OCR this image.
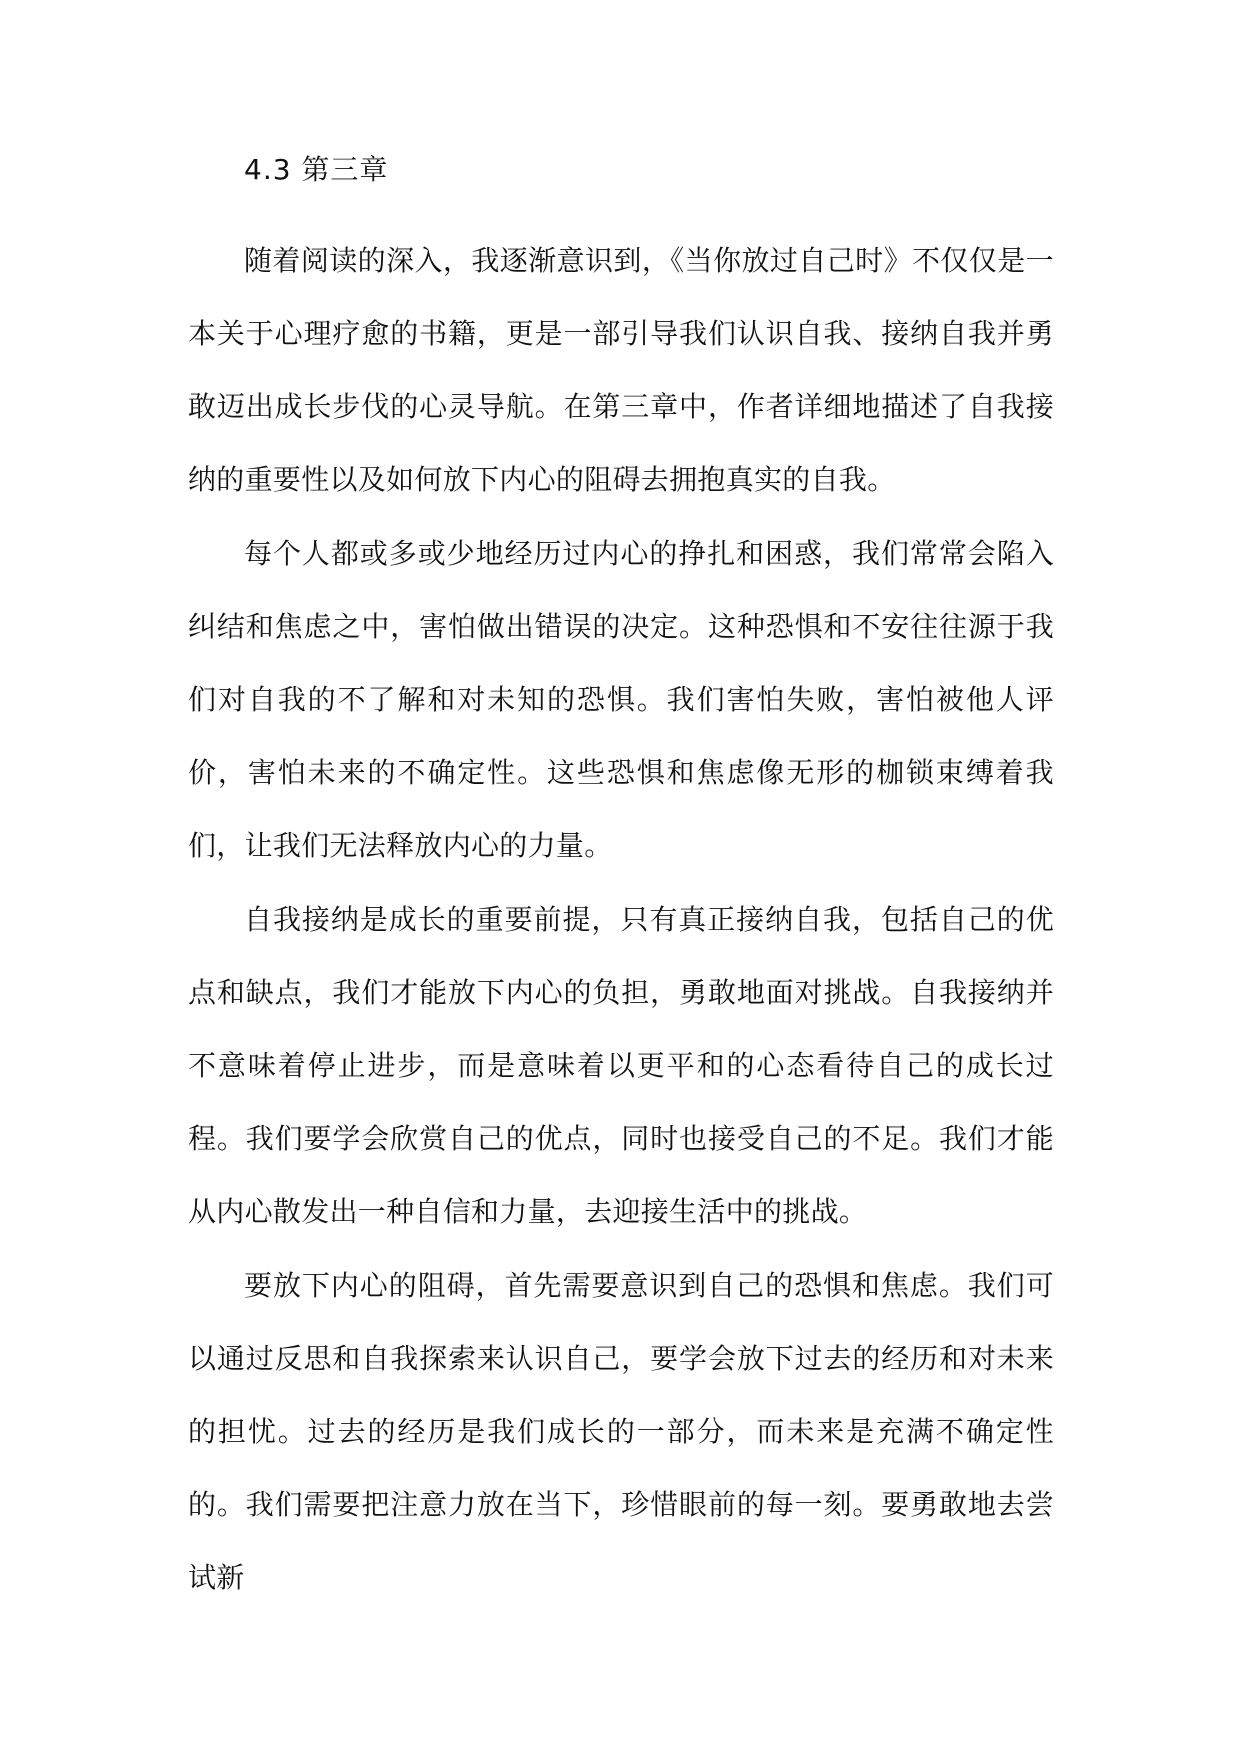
4.3 第三章

随着阅读的深入，我逐渐意识到，《当你放过自己时》不仅仅是一本关于心理疗愈的书籍，更是一部引导我们认识自我、接纳自我并勇敢迈出成长步伐的心灵导航。在第三章中，作者详细地描述了自我接纳的重要性以及如何放下内心的阻碍去拥抱真实的自我。

每个人都或多或少地经历过内心的挣扎和困惑，我们常常会陷入纠结和焦虑之中，害怕做出错误的决定。这种恐惧和不安往往源于我们对自我的不了解和对未知的恐惧。我们害怕失败，害怕被他人评价，害怕未来的不确定性。这些恐惧和焦虑像无形的枷锁束缚着我们，让我们无法释放内心的力量。

自我接纳是成长的重要前提，只有真正接纳自我，包括自己的优点和缺点，我们才能放下内心的负担，勇敢地面对挑战。自我接纳并不意味着停止进步，而是意味着以更平和的心态看待自己的成长过程。我们要学会欣赏自己的优点，同时也接受自己的不足。我们才能从内心散发出一种自信和力量，去迎接生活中的挑战。

要放下内心的阻碍，首先需要意识到自己的恐惧和焦虑。我们可以通过反思和自我探索来认识自己，要学会放下过去的经历和对未来的担忧。过去的经历是我们成长的一部分，而未来是充满不确定性的。我们需要把注意力放在当下，珍惜眼前的每一刻。要勇敢地去尝试新
